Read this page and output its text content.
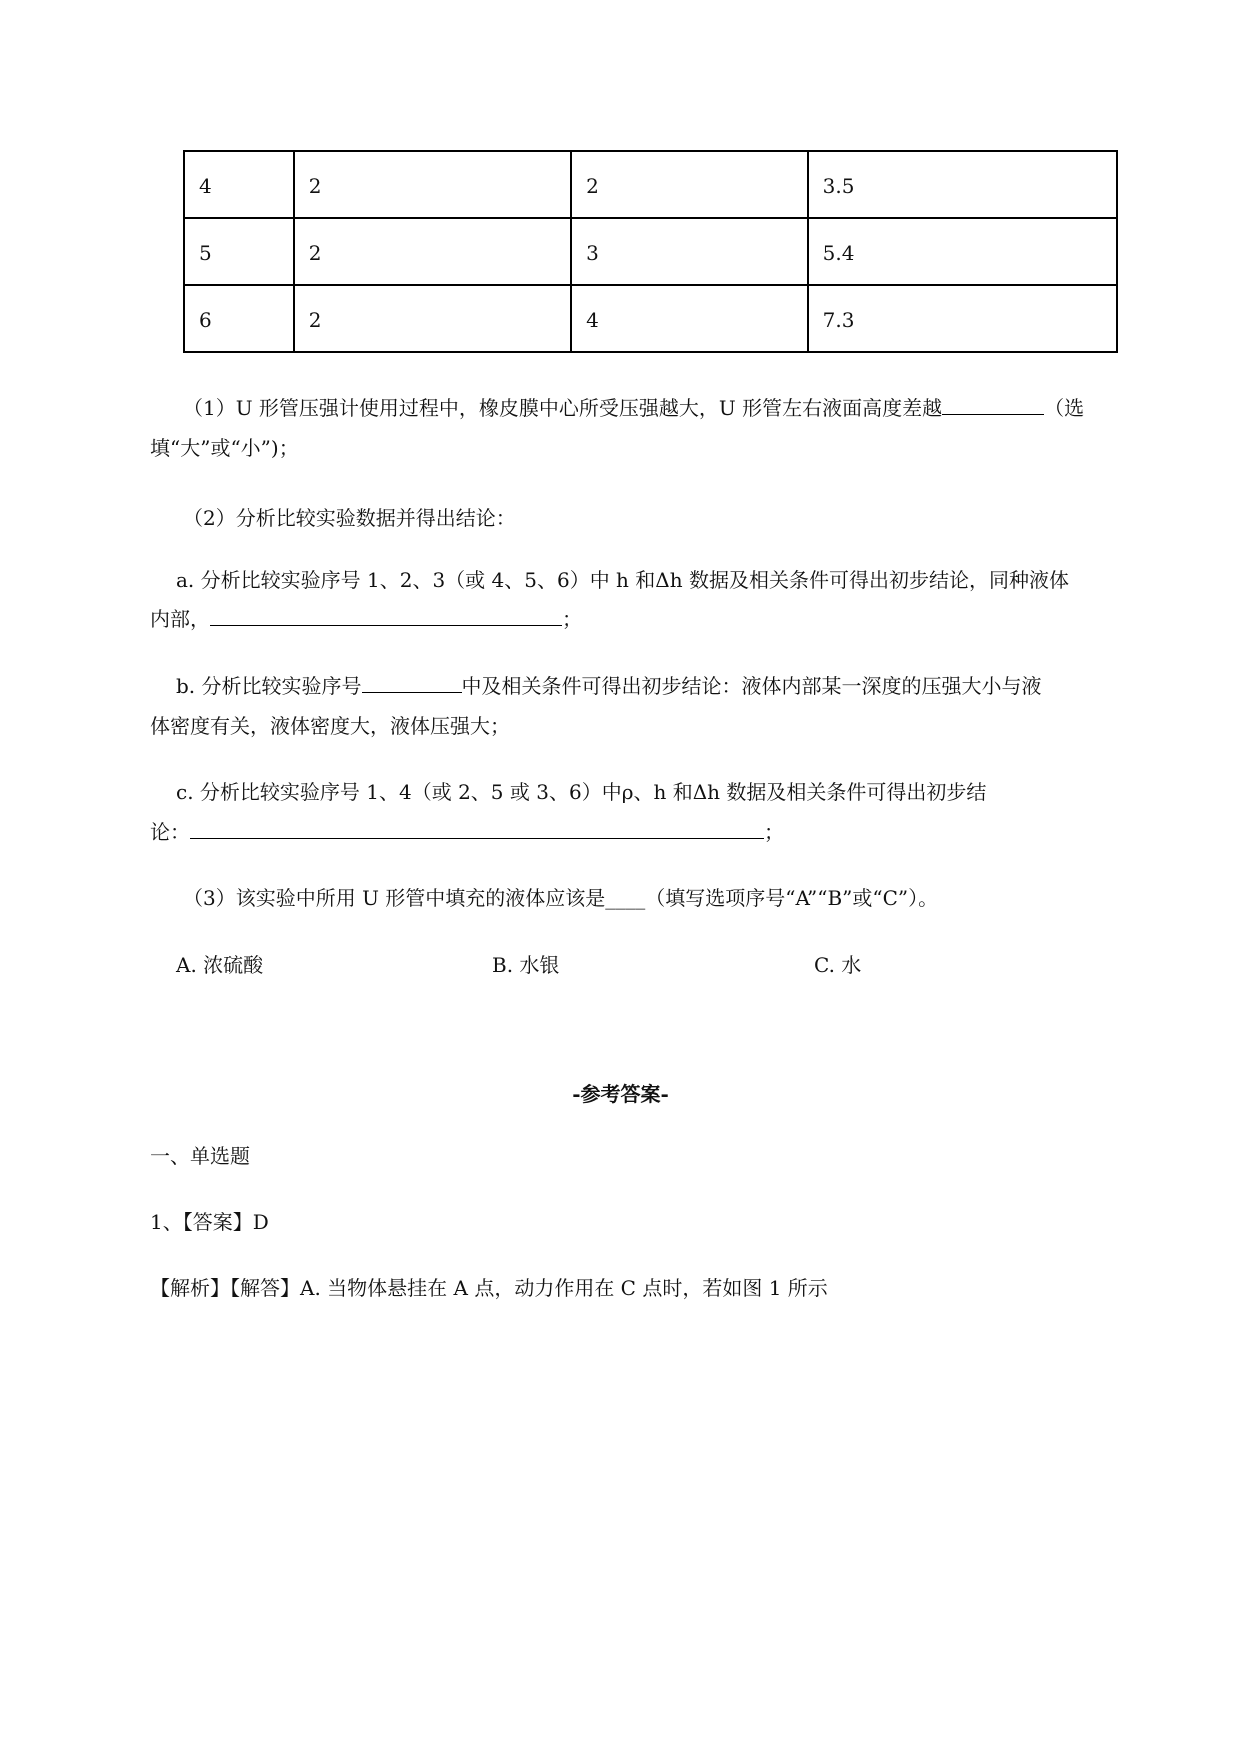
4	2	2	3.5
5	2	3	5.4
6	2	4	7.3
（1）U 形管压强计使用过程中，橡皮膜中心所受压强越大，U 形管左右液面高度差越	（选
填“大”或“小”)；
（2）分析比较实验数据并得出结论：
a. 分析比较实验序号 1、2、3（或 4、5、6）中 h 和Δh 数据及相关条件可得出初步结论，同种液体
内部，	；
b. 分析比较实验序号	中及相关条件可得出初步结论：液体内部某一深度的压强大小与液
体密度有关，液体密度大，液体压强大；
c. 分析比较实验序号 1、4（或 2、5 或 3、6）中ρ、h 和Δh 数据及相关条件可得出初步结
论：	；
（3）该实验中所用 U 形管中填充的液体应该是____（填写选项序号“A”“B”或“C”）。
A. 浓硫酸	B. 水银	C. 水
-参考答案-
一、单选题
1、【答案】D
【解析】【解答】A. 当物体悬挂在 A 点，动力作用在 C 点时，若如图 1 所示
